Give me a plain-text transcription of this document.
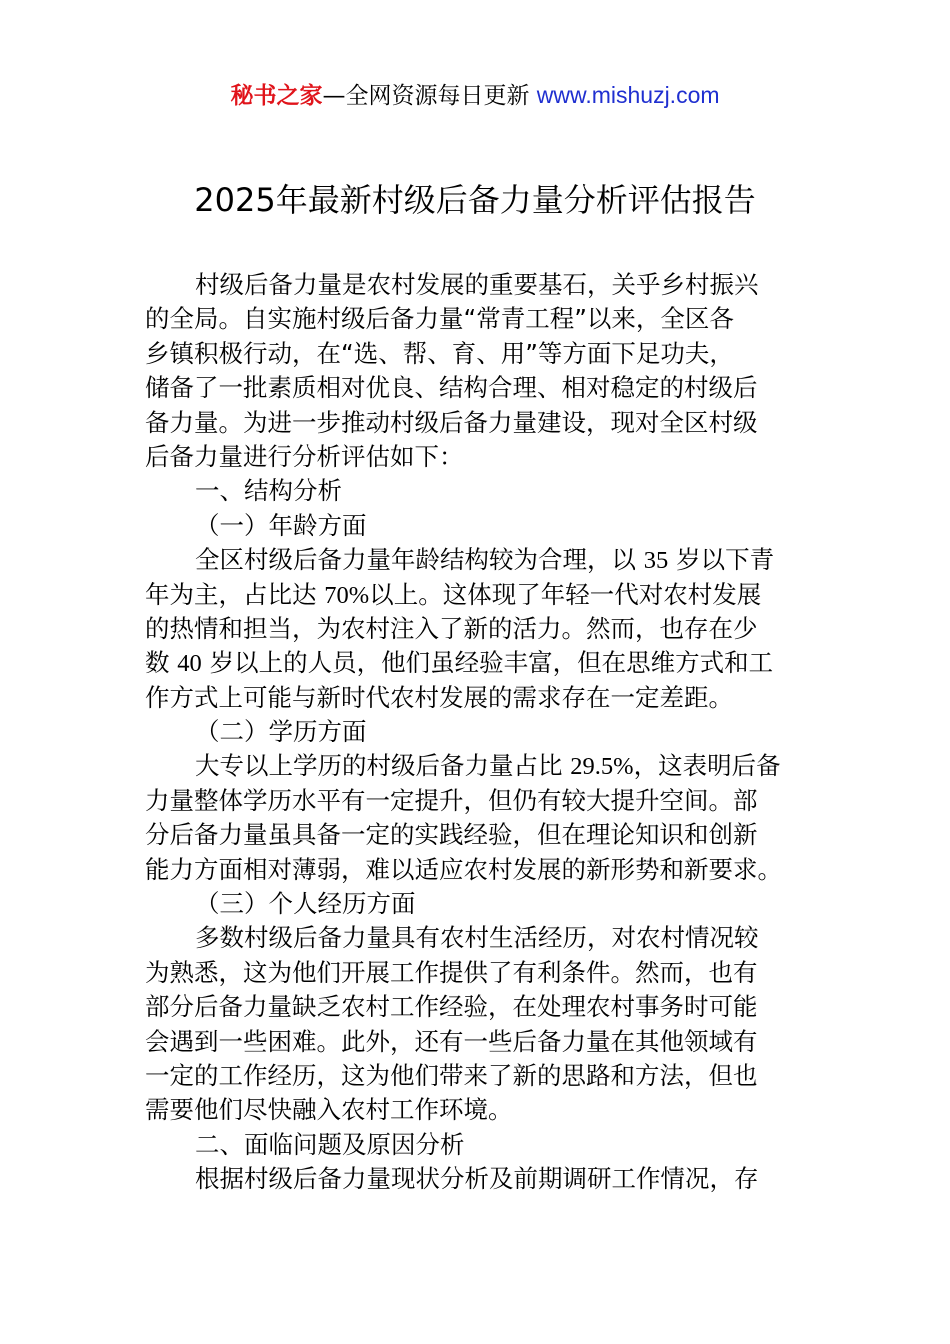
秘书之家—全网资源每日更新 www.mishuzj.com
2025年最新村级后备力量分析评估报告
村级后备力量是农村发展的重要基石，关乎乡村振兴
的全局。自实施村级后备力量“常青工程”以来，全区各
乡镇积极行动，在“选、帮、育、用”等方面下足功夫，
储备了一批素质相对优良、结构合理、相对稳定的村级后
备力量。为进一步推动村级后备力量建设，现对全区村级
后备力量进行分析评估如下：
一、结构分析
（一）年龄方面
全区村级后备力量年龄结构较为合理，以 35 岁以下青
年为主，占比达 70%以上。这体现了年轻一代对农村发展
的热情和担当，为农村注入了新的活力。然而，也存在少
数 40 岁以上的人员，他们虽经验丰富，但在思维方式和工
作方式上可能与新时代农村发展的需求存在一定差距。
（二）学历方面
大专以上学历的村级后备力量占比 29.5%，这表明后备
力量整体学历水平有一定提升，但仍有较大提升空间。部
分后备力量虽具备一定的实践经验，但在理论知识和创新
能力方面相对薄弱，难以适应农村发展的新形势和新要求。
（三）个人经历方面
多数村级后备力量具有农村生活经历，对农村情况较
为熟悉，这为他们开展工作提供了有利条件。然而，也有
部分后备力量缺乏农村工作经验，在处理农村事务时可能
会遇到一些困难。此外，还有一些后备力量在其他领域有
一定的工作经历，这为他们带来了新的思路和方法，但也
需要他们尽快融入农村工作环境。
二、面临问题及原因分析
根据村级后备力量现状分析及前期调研工作情况，存
